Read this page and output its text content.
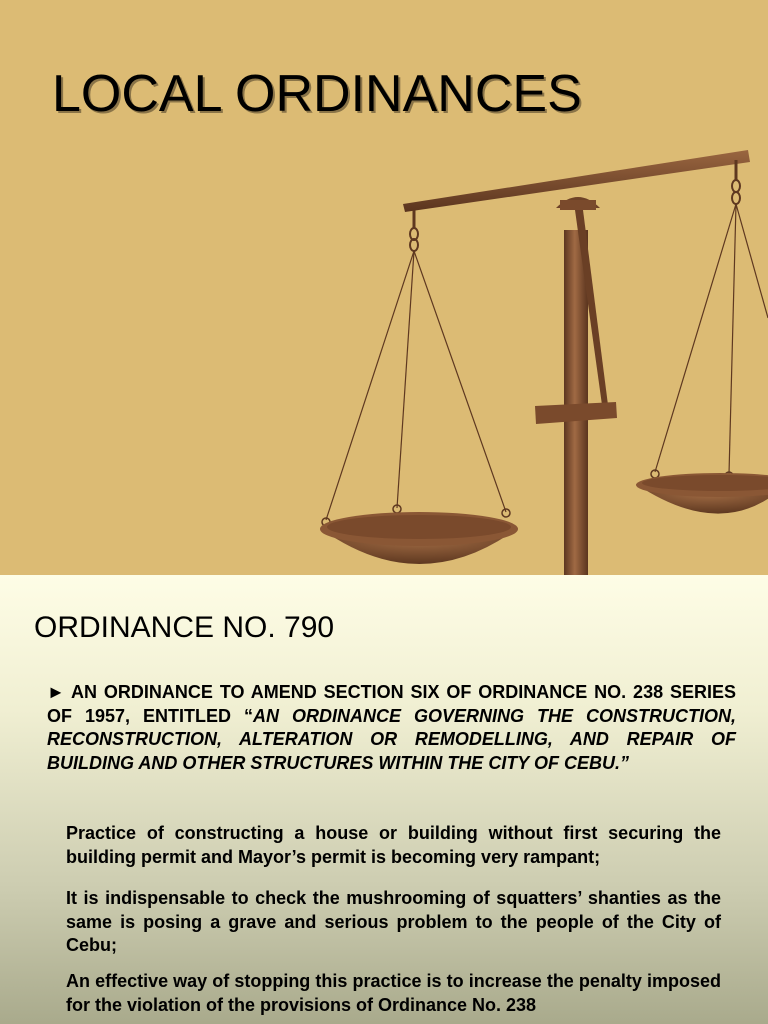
LOCAL ORDINANCES
ORDINANCE NO. 790

► AN ORDINANCE TO AMEND SECTION SIX OF ORDINANCE NO. 238 SERIES OF 1957, ENTITLED “AN ORDINANCE GOVERNING THE CONSTRUCTION, RECONSTRUCTION, ALTERATION OR REMODELLING, AND REPAIR OF BUILDING AND OTHER STRUCTURES WITHIN THE CITY OF CEBU.”

Practice of constructing a house or building without first securing the building permit and Mayor’s permit is becoming very rampant;

It is indispensable to check the mushrooming of squatters’ shanties as the same is posing a grave and serious problem to the people of the City of Cebu;

An effective way of stopping this practice is to increase the penalty imposed for the violation of the provisions of Ordinance No. 238
